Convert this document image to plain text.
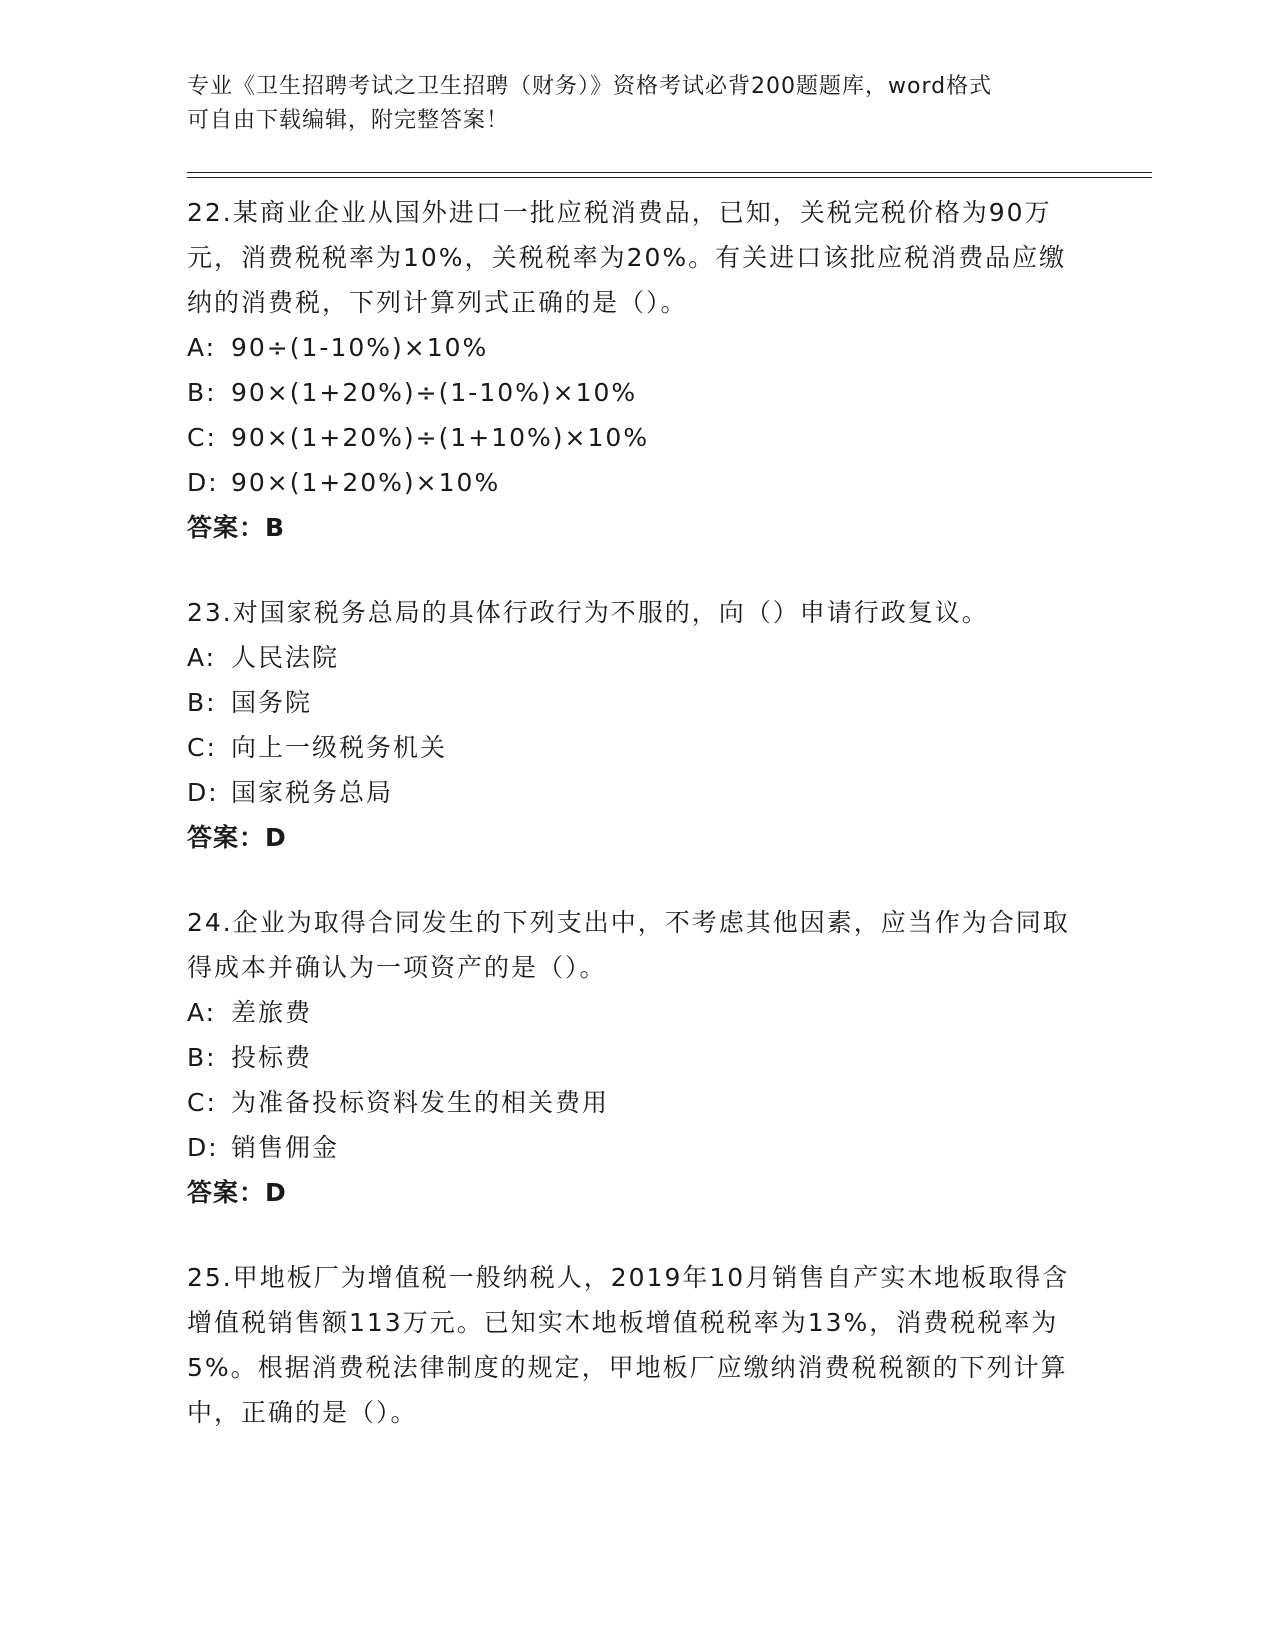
专业《卫生招聘考试之卫生招聘（财务）》资格考试必背200题题库，word格式
可自由下载编辑，附完整答案！

22.某商业企业从国外进口一批应税消费品，已知，关税完税价格为90万元，消费税税率为10%，关税税率为20%。有关进口该批应税消费品应缴纳的消费税，下列计算列式正确的是（）。

A: 90÷(1-10%)×10%

B: 90×(1+20%)÷(1-10%)×10%

C: 90×(1+20%)÷(1+10%)×10%

D: 90×(1+20%)×10%

答案：B

23.对国家税务总局的具体行政行为不服的，向（）申请行政复议。

A: 人民法院

B: 国务院

C: 向上一级税务机关

D: 国家税务总局

答案：D

24.企业为取得合同发生的下列支出中，不考虑其他因素，应当作为合同取得成本并确认为一项资产的是（）。

A: 差旅费

B: 投标费

C: 为准备投标资料发生的相关费用

D: 销售佣金

答案：D

25.甲地板厂为增值税一般纳税人，2019年10月销售自产实木地板取得含增值税销售额113万元。已知实木地板增值税税率为13%，消费税税率为5%。根据消费税法律制度的规定，甲地板厂应缴纳消费税税额的下列计算中，正确的是（）。
